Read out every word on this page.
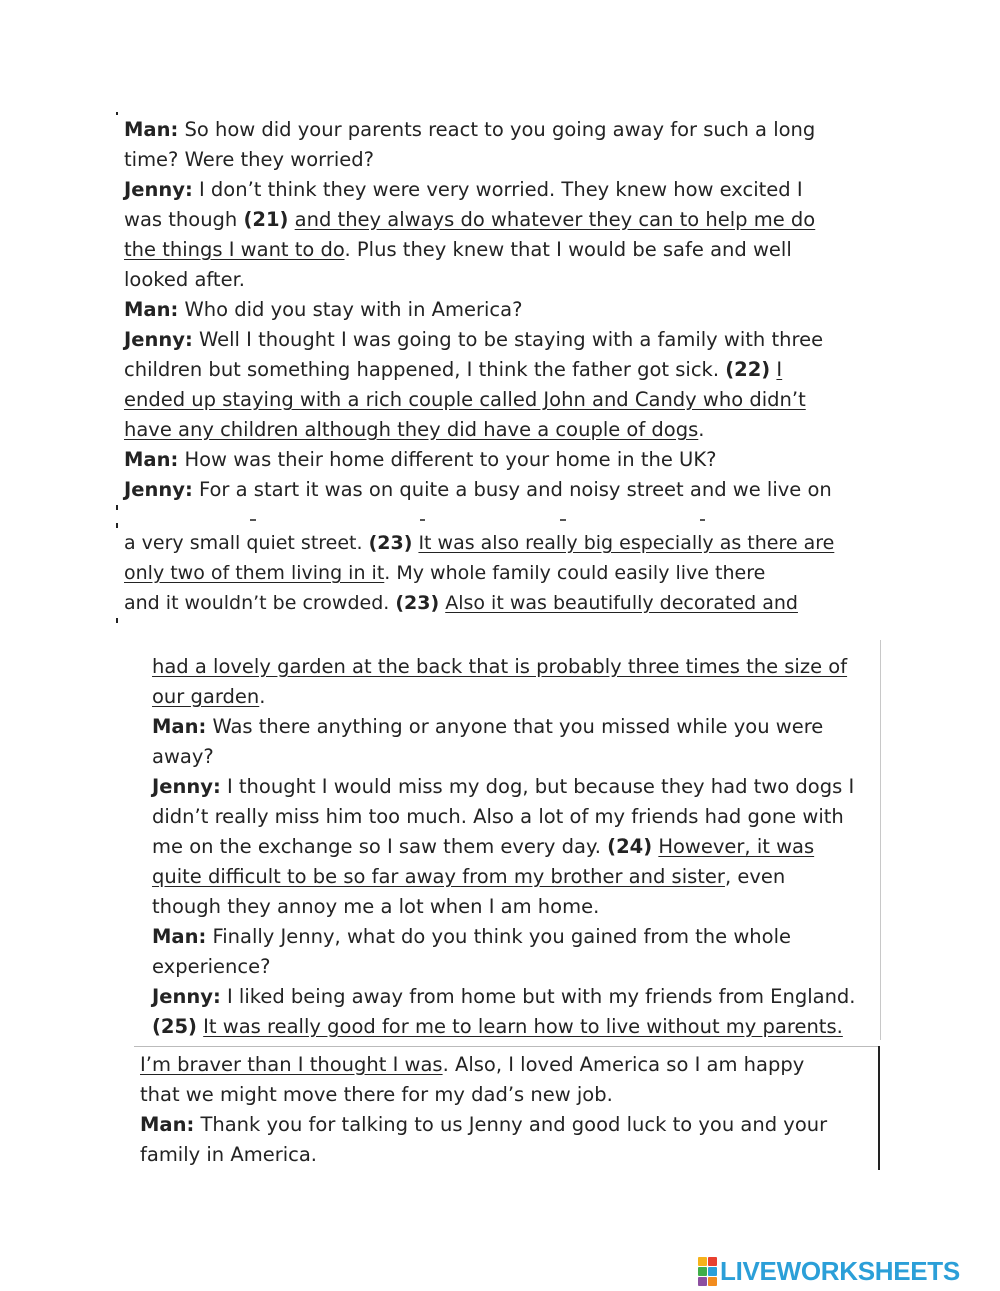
Man: So how did your parents react to you going away for such a long
time? Were they worried?
Jenny: I don’t think they were very worried. They knew how excited I
was though (21) and they always do whatever they can to help me do
the things I want to do. Plus they knew that I would be safe and well
looked after.
Man: Who did you stay with in America?
Jenny: Well I thought I was going to be staying with a family with three
children but something happened, I think the father got sick. (22) I
ended up staying with a rich couple called John and Candy who didn’t
have any children although they did have a couple of dogs.
Man: How was their home different to your home in the UK?
Jenny: For a start it was on quite a busy and noisy street and we live on
a very small quiet street. (23) It was also really big especially as there are
only two of them living in it. My whole family could easily live there
and it wouldn’t be crowded. (23) Also it was beautifully decorated and
had a lovely garden at the back that is probably three times the size of
our garden.
Man: Was there anything or anyone that you missed while you were
away?
Jenny: I thought I would miss my dog, but because they had two dogs I
didn’t really miss him too much. Also a lot of my friends had gone with
me on the exchange so I saw them every day. (24) However, it was
quite difficult to be so far away from my brother and sister, even
though they annoy me a lot when I am home.
Man: Finally Jenny, what do you think you gained from the whole
experience?
Jenny: I liked being away from home but with my friends from England.
(25) It was really good for me to learn how to live without my parents.
I’m braver than I thought I was. Also, I loved America so I am happy
that we might move there for my dad’s new job.
Man: Thank you for talking to us Jenny and good luck to you and your
family in America.
LIVEWORKSHEETS
